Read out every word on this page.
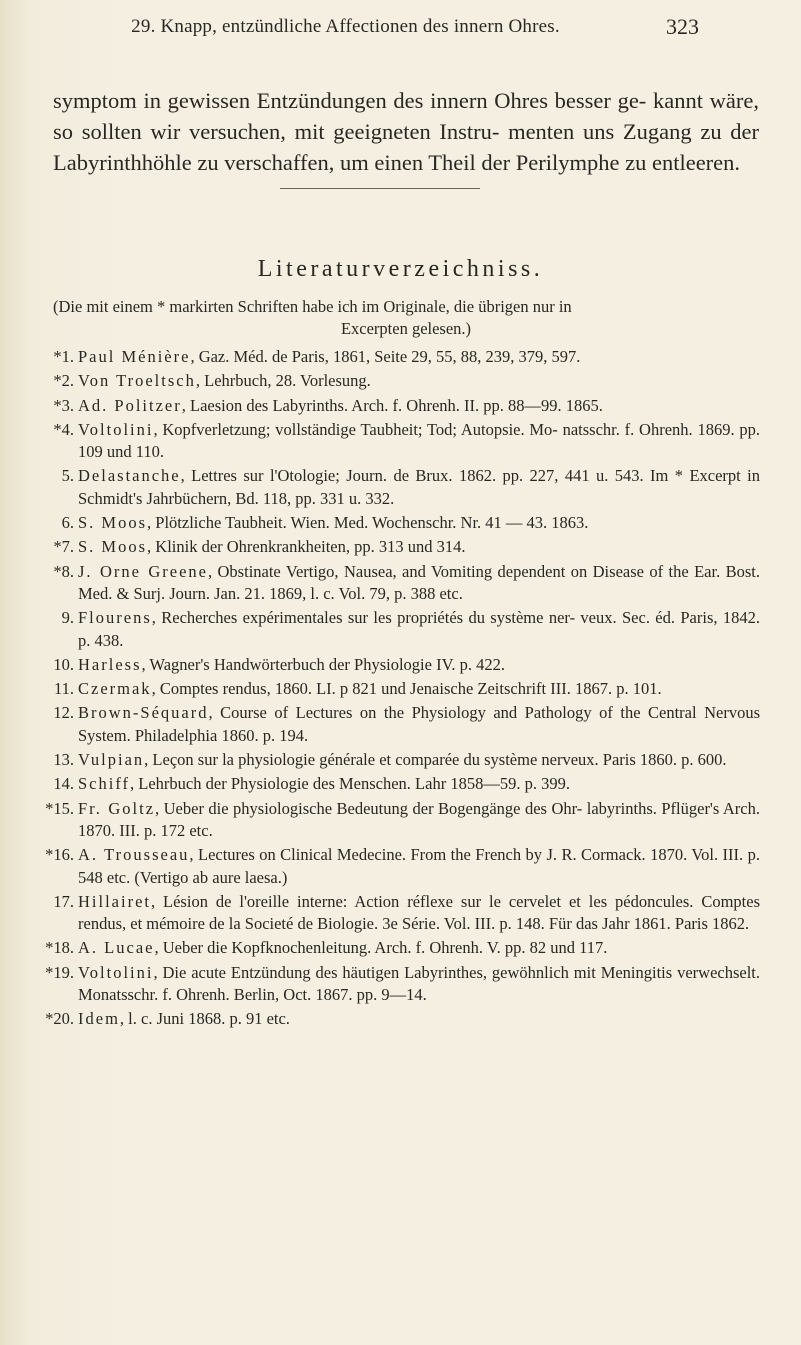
29. Knapp, entzündliche Affectionen des innern Ohres.	323

symptom in gewissen Entzündungen des innern Ohres besser ge- kannt wäre, so sollten wir versuchen, mit geeigneten Instru- menten uns Zugang zu der Labyrinthhöhle zu verschaffen, um einen Theil der Perilymphe zu entleeren.

Literaturverzeichniss.
(Die mit einem * markirten Schriften habe ich im Originale, die übrigen nur in
Excerpten gelesen.)
*1. Paul Ménière, Gaz. Méd. de Paris, 1861, Seite 29, 55, 88, 239, 379, 597.
*2. Von Troeltsch, Lehrbuch, 28. Vorlesung.
*3. Ad. Politzer, Laesion des Labyrinths. Arch. f. Ohrenh. II. pp. 88—99. 1865.
*4. Voltolini, Kopfverletzung; vollständige Taubheit; Tod; Autopsie. Mo- natsschr. f. Ohrenh. 1869. pp. 109 und 110.
5. Delastanche, Lettres sur l'Otologie; Journ. de Brux. 1862. pp. 227, 441 u. 543. Im * Excerpt in Schmidt's Jahrbüchern, Bd. 118, pp. 331 u. 332.
6. S. Moos, Plötzliche Taubheit. Wien. Med. Wochenschr. Nr. 41 — 43. 1863.
*7. S. Moos, Klinik der Ohrenkrankheiten, pp. 313 und 314.
*8. J. Orne Greene, Obstinate Vertigo, Nausea, and Vomiting dependent on Disease of the Ear. Bost. Med. & Surj. Journ. Jan. 21. 1869, l. c. Vol. 79, p. 388 etc.
9. Flourens, Recherches expérimentales sur les propriétés du système ner- veux. Sec. éd. Paris, 1842. p. 438.
10. Harless, Wagner's Handwörterbuch der Physiologie IV. p. 422.
11. Czermak, Comptes rendus, 1860. LI. p 821 und Jenaische Zeitschrift III. 1867. p. 101.
12. Brown-Séquard, Course of Lectures on the Physiology and Pathology of the Central Nervous System. Philadelphia 1860. p. 194.
13. Vulpian, Leçon sur la physiologie générale et comparée du système nerveux. Paris 1860. p. 600.
14. Schiff, Lehrbuch der Physiologie des Menschen. Lahr 1858—59. p. 399.
*15. Fr. Goltz, Ueber die physiologische Bedeutung der Bogengänge des Ohr- labyrinths. Pflüger's Arch. 1870. III. p. 172 etc.
*16. A. Trousseau, Lectures on Clinical Medecine. From the French by J. R. Cormack. 1870. Vol. III. p. 548 etc. (Vertigo ab aure laesa.)
17. Hillairet, Lésion de l'oreille interne: Action réflexe sur le cervelet et les pédoncules. Comptes rendus, et mémoire de la Societé de Biologie. 3e Série. Vol. III. p. 148. Für das Jahr 1861. Paris 1862.
*18. A. Lucae, Ueber die Kopfknochenleitung. Arch. f. Ohrenh. V. pp. 82 und 117.
*19. Voltolini, Die acute Entzündung des häutigen Labyrinthes, gewöhnlich mit Meningitis verwechselt. Monatsschr. f. Ohrenh. Berlin, Oct. 1867. pp. 9—14.
*20. Idem, l. c. Juni 1868. p. 91 etc.
